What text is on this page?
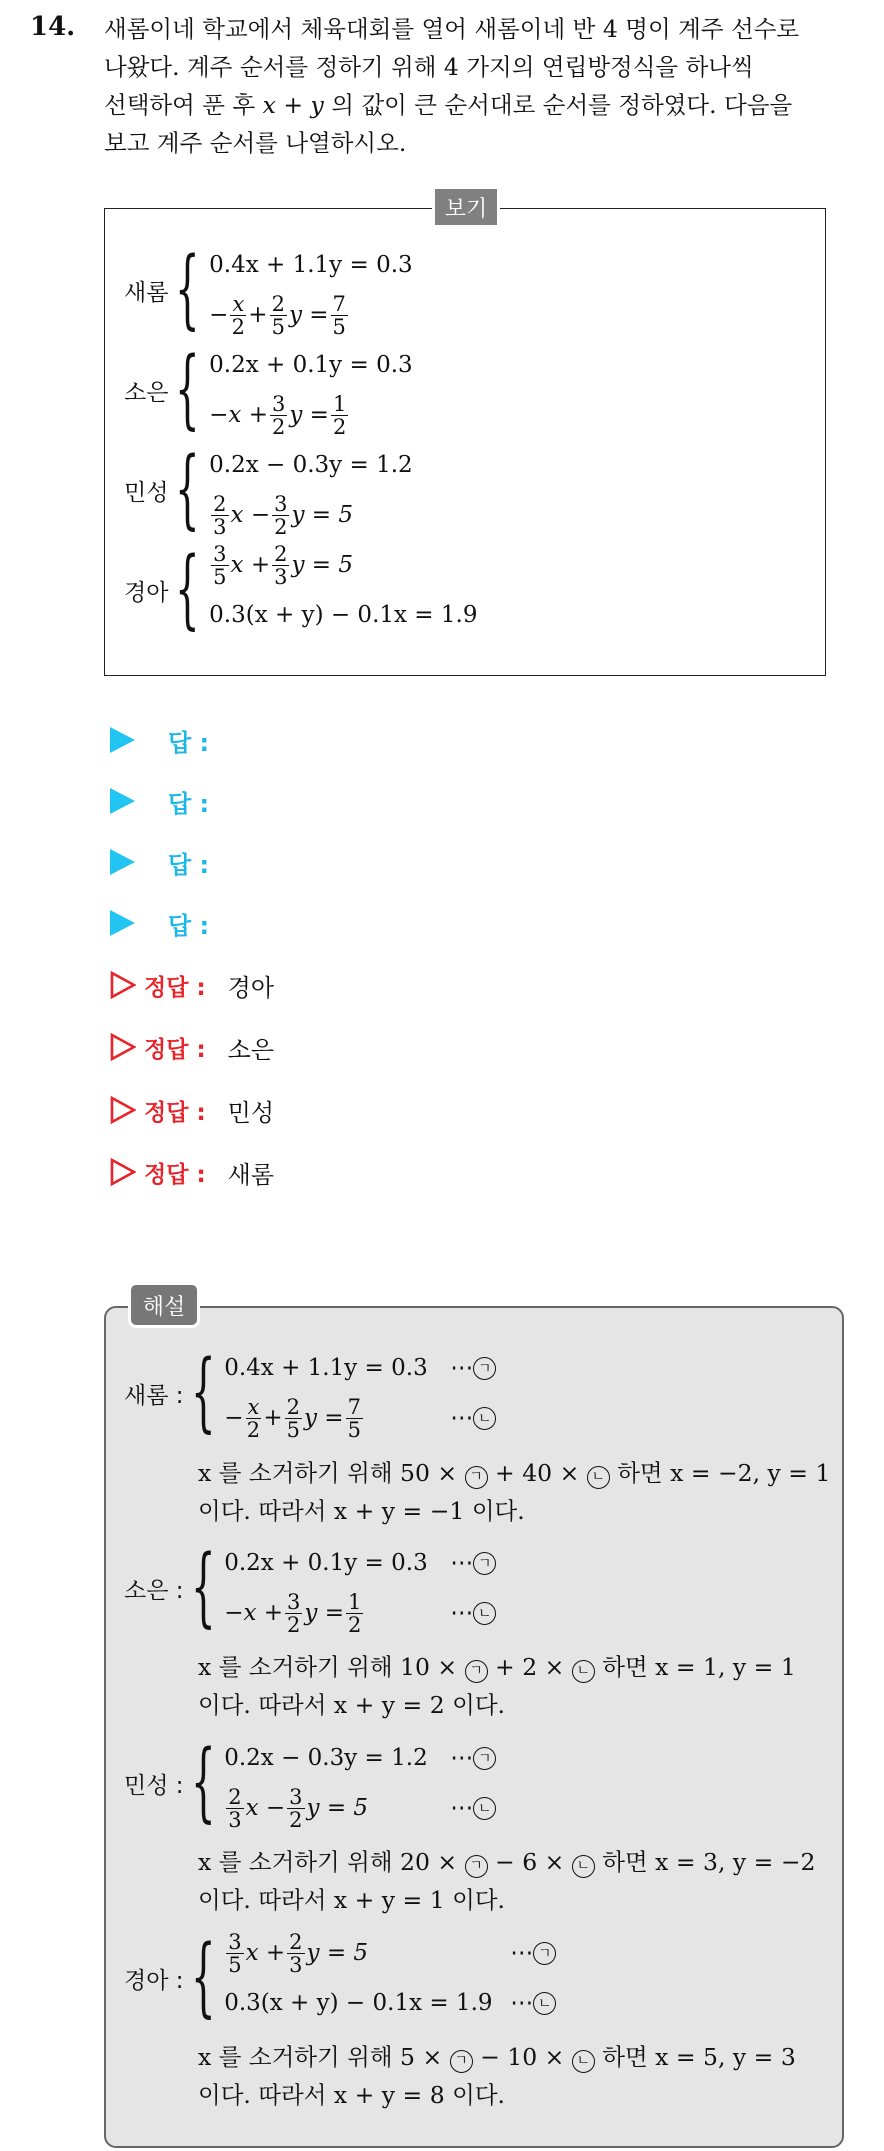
14. 새롬이네 학교에서 체육대회를 열어 새롬이네 반 4 명이 계주 선수로
나왔다. 계주 순서를 정하기 위해 4 가지의 연립방정식을 하나씩
선택하여 푼 후 x + y 의 값이 큰 순서대로 순서를 정하였다. 다음을
보고 계주 순서를 나열하시오.
보기
새롬 { 0.4x + 1.1y = 0.3
− $\frac{x}{2} + \frac{2}{5}$ $y = \frac{7}{5}$
소은 { 0.2x + 0.1y = 0.3
$-x + \frac{3}{2}$ $y = \frac{1}{2}$
민성 { 0.2x − 0.3y = 1.2
$\frac{2}{3}$ $x - \frac{3}{2}$ y = 5
경아 { $\frac{3}{5}$ $x + \frac{2}{3}$ y = 5
0.3(x + y) − 0.1x = 1.9
답 :
답 :
답 :
답 :
정답 : 경아
정답 : 소은
정답 : 민성
정답 : 새롬
해설
새롬 : { 0.4x + 1.1y = 0.3 ⋯ ㄱ
− $\frac{x}{2} + \frac{2}{5}$ $y = \frac{7}{5}$	⋯ ㄴ
x 를 소거하기 위해 50 × ㄱ + 40 × ㄴ 하면 x = −2, y = 1
이다. 따라서 x + y = −1 이다.
소은 : { 0.2x + 0.1y = 0.3 ⋯ ㄱ
$-x + \frac{3}{2}$ $y = \frac{1}{2}$	⋯ ㄴ
x 를 소거하기 위해 10 × ㄱ + 2 × ㄴ 하면 x = 1, y = 1
이다. 따라서 x + y = 2 이다.
민성 : { 0.2x − 0.3y = 1.2 ⋯ ㄱ
$\frac{2}{3}$ $x - \frac{3}{2}$ y = 5	⋯ ㄴ
x 를 소거하기 위해 20 × ㄱ − 6 × ㄴ 하면 x = 3, y = −2
이다. 따라서 x + y = 1 이다.
경아 : { $\frac{3}{5}$ $x + \frac{2}{3}$ y = 5	⋯ ㄱ
0.3(x + y) − 0.1x = 1.9 ⋯ ㄴ
x 를 소거하기 위해 5 × ㄱ − 10 × ㄴ 하면 x = 5, y = 3
이다. 따라서 x + y = 8 이다.
